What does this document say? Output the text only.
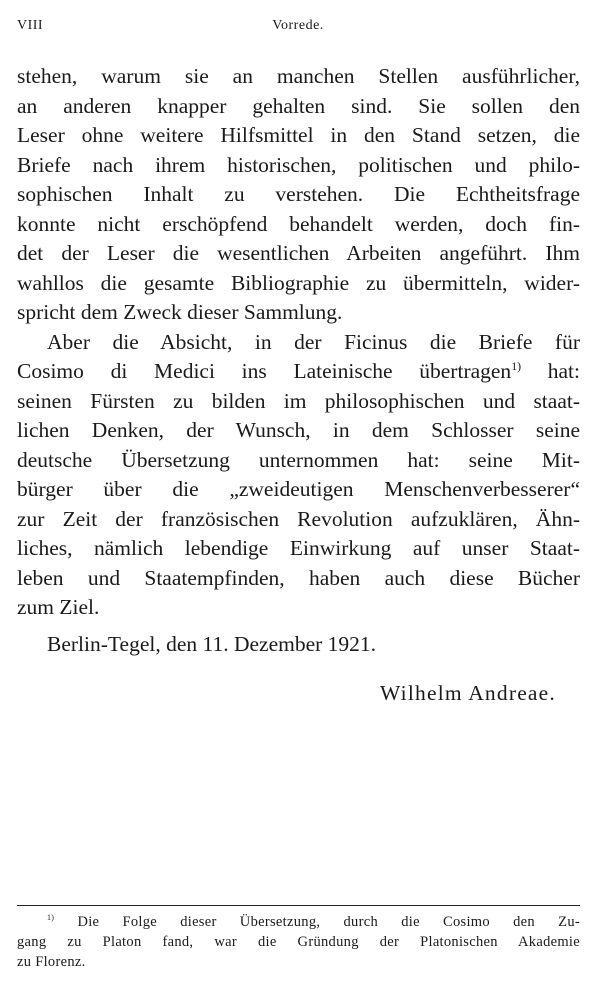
VIII	Vorrede.
stehen, warum sie an manchen Stellen ausführlicher,
an anderen knapper gehalten sind. Sie sollen den
Leser ohne weitere Hilfsmittel in den Stand setzen, die
Briefe nach ihrem historischen, politischen und philo-
sophischen Inhalt zu verstehen. Die Echtheitsfrage
konnte nicht erschöpfend behandelt werden, doch fin-
det der Leser die wesentlichen Arbeiten angeführt. Ihm
wahllos die gesamte Bibliographie zu übermitteln, wider-
spricht dem Zweck dieser Sammlung.
Aber die Absicht, in der Ficinus die Briefe für
Cosimo di Medici ins Lateinische übertragen$^{1)}$ hat:
seinen Fürsten zu bilden im philosophischen und staat-
lichen Denken, der Wunsch, in dem Schlosser seine
deutsche Übersetzung unternommen hat: seine Mit-
bürger über die „zweideutigen Menschenverbesserer“
zur Zeit der französischen Revolution aufzuklären, Ähn-
liches, nämlich lebendige Einwirkung auf unser Staat-
leben und Staatempfinden, haben auch diese Bücher
zum Ziel.
Berlin-Tegel, den 11. Dezember 1921.
Wilhelm Andreae.
$^{1)}$ Die Folge dieser Übersetzung, durch die Cosimo den Zu-
gang zu Platon fand, war die Gründung der Platonischen Akademie
zu Florenz.
